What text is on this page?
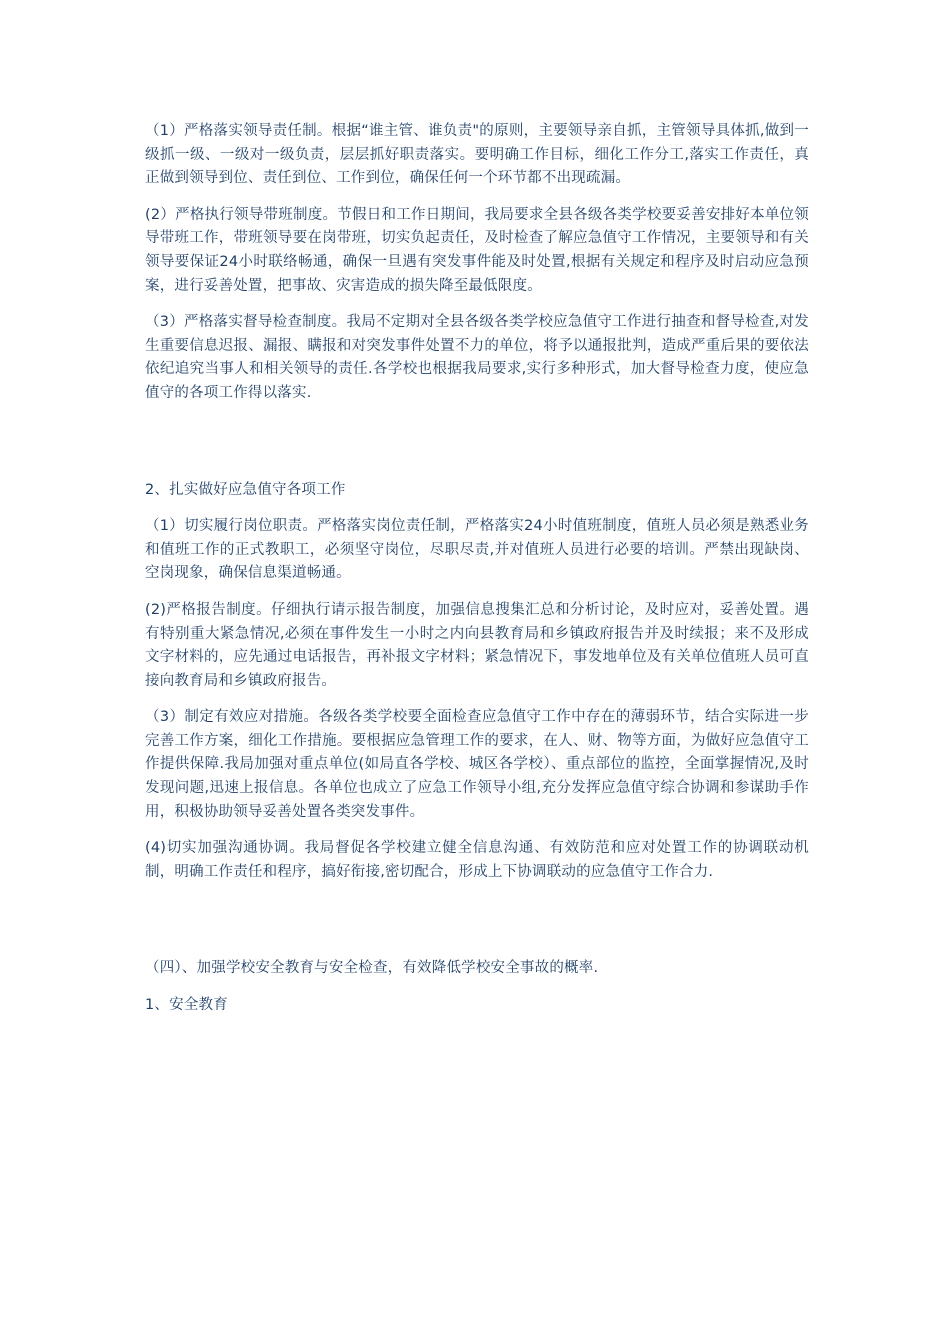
（1）严格落实领导责任制。根据“谁主管、谁负责"的原则，主要领导亲自抓，主管领导具体抓,做到一级抓一级、一级对一级负责，层层抓好职责落实。要明确工作目标，细化工作分工,落实工作责任，真正做到领导到位、责任到位、工作到位，确保任何一个环节都不出现疏漏。

(2）严格执行领导带班制度。节假日和工作日期间，我局要求全县各级各类学校要妥善安排好本单位领导带班工作，带班领导要在岗带班，切实负起责任，及时检查了解应急值守工作情况，主要领导和有关领导要保证24小时联络畅通，确保一旦遇有突发事件能及时处置,根据有关规定和程序及时启动应急预案，进行妥善处置，把事故、灾害造成的损失降至最低限度。

（3）严格落实督导检查制度。我局不定期对全县各级各类学校应急值守工作进行抽查和督导检查,对发生重要信息迟报、漏报、瞒报和对突发事件处置不力的单位，将予以通报批判，造成严重后果的要依法依纪追究当事人和相关领导的责任.各学校也根据我局要求,实行多种形式，加大督导检查力度，使应急值守的各项工作得以落实.

2、扎实做好应急值守各项工作

（1）切实履行岗位职责。严格落实岗位责任制，严格落实24小时值班制度，值班人员必须是熟悉业务和值班工作的正式教职工，必须坚守岗位，尽职尽责,并对值班人员进行必要的培训。严禁出现缺岗、空岗现象，确保信息渠道畅通。

(2)严格报告制度。仔细执行请示报告制度，加强信息搜集汇总和分析讨论，及时应对，妥善处置。遇有特别重大紧急情况,必须在事件发生一小时之内向县教育局和乡镇政府报告并及时续报；来不及形成文字材料的，应先通过电话报告，再补报文字材料；紧急情况下，事发地单位及有关单位值班人员可直接向教育局和乡镇政府报告。

（3）制定有效应对措施。各级各类学校要全面检查应急值守工作中存在的薄弱环节，结合实际进一步完善工作方案，细化工作措施。要根据应急管理工作的要求，在人、财、物等方面，为做好应急值守工作提供保障.我局加强对重点单位(如局直各学校、城区各学校）、重点部位的监控，全面掌握情况,及时发现问题,迅速上报信息。各单位也成立了应急工作领导小组,充分发挥应急值守综合协调和参谋助手作用，积极协助领导妥善处置各类突发事件。

(4)切实加强沟通协调。我局督促各学校建立健全信息沟通、有效防范和应对处置工作的协调联动机制，明确工作责任和程序，搞好衔接,密切配合，形成上下协调联动的应急值守工作合力.

（四）、加强学校安全教育与安全检查，有效降低学校安全事故的概率.

1、安全教育
